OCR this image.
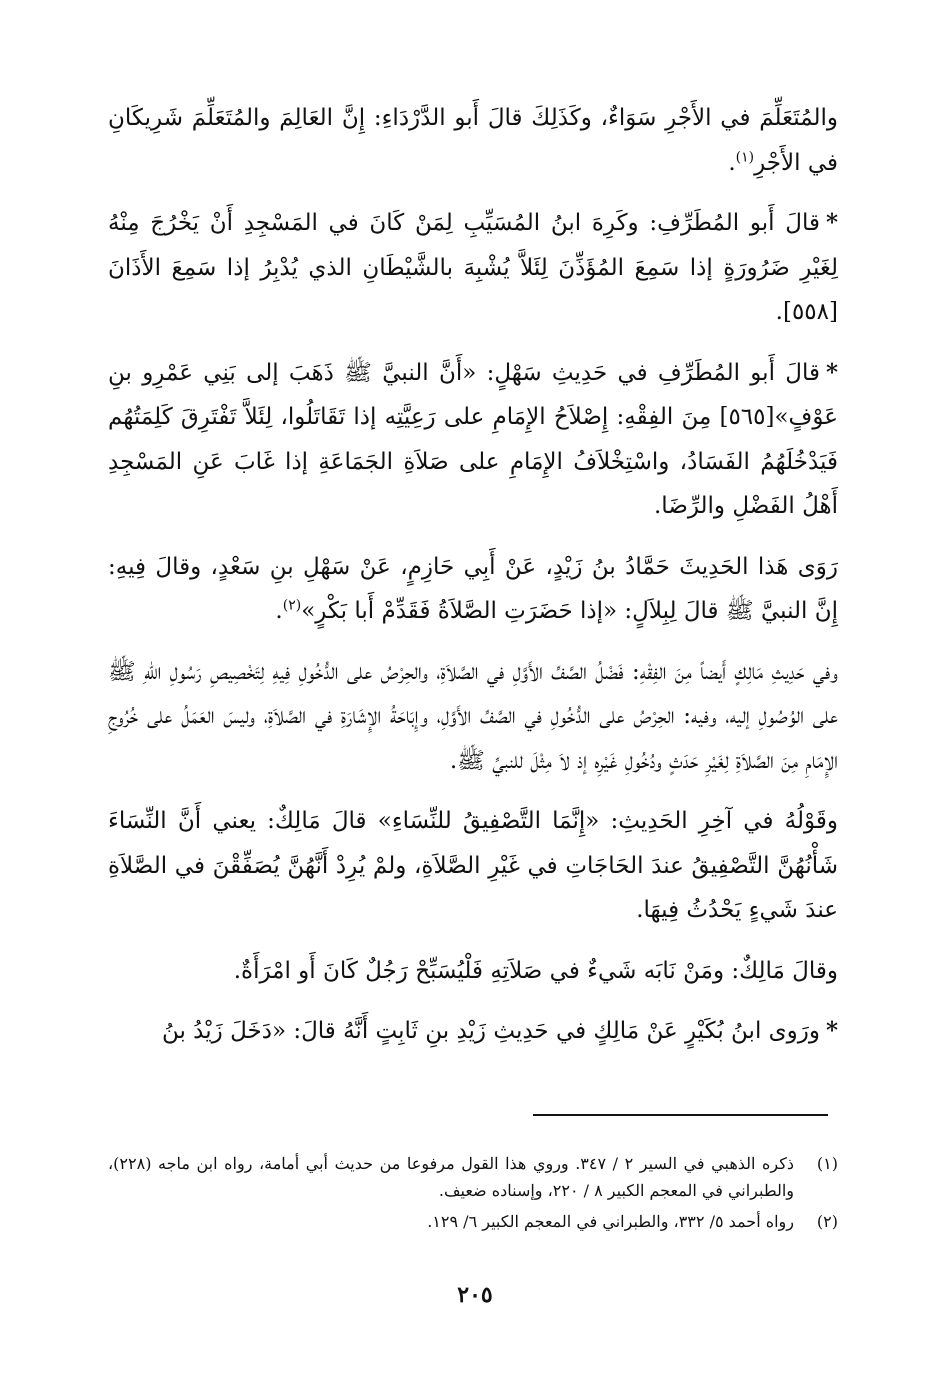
والمُتَعَلِّمَ في الأَجْرِ سَوَاءٌ، وكَذَلِكَ قالَ أَبو الدَّرْدَاءِ: إِنَّ العَالِمَ والمُتَعَلِّمَ شَرِيكَانِ في الأَجْرِ$^{(١)}$.

*قالَ أَبو المُطَرِّفِ: وكَرِهَ ابنُ المُسَيِّبِ لِمَنْ كَانَ في المَسْجِدِ أَنْ يَخْرُجَ مِنْهُ لِغَيْرِ ضَرُورَةٍ إذا سَمِعَ المُؤَذِّنَ لِئَلاَّ يُشْبِهَ بالشَّيْطَانِ الذي يُدْبِرُ إذا سَمِعَ الأَذَانَ [٥٥٨].

*قالَ أَبو المُطَرِّفِ في حَدِيثِ سَهْلٍ: «أَنَّ النبيَّ ﷺ ذَهَبَ إلى بَنِي عَمْرِو بنِ عَوْفٍ»[٥٦٥] مِنَ الفِقْهِ: إِصْلاَحُ الإِمَامِ على رَعِيَّتِه إذا تَقَاتَلُوا، لِئَلاَّ تَفْتَرِقَ كَلِمَتُهُم فَيَدْخُلَهُمُ الفَسَادُ، واسْتِخْلاَفُ الإِمَامِ على صَلاَةِ الجَمَاعَةِ إذا غَابَ عَنِ المَسْجِدِ أَهْلُ الفَضْلِ والرِّضَا.

رَوَى هَذا الحَدِيثَ حَمَّادُ بنُ زَيْدٍ، عَنْ أَبِي حَازِمٍ، عَنْ سَهْلِ بنِ سَعْدٍ، وقالَ فِيهِ: إِنَّ النبيَّ ﷺ قالَ لِبِلاَلٍ: «إذا حَضَرَتِ الصَّلاَةُ فَقَدِّمْ أَبا بَكْرٍ»$^{(٢)}$.

وفي حَدِيثِ مَالِكٍ أَيضاً مِنَ الفِقْهِ: فَضْلُ الصَّفِّ الأَوَّلِ في الصَّلاَةِ، والحِرْصُ على الدُّخُولِ فِيهِ لِتَخْصِيصِ رَسُولِ اللهِ ﷺ على الوُصُولِ إليه، وفيه: الحِرْصُ على الدُّخُولِ في الصَّفِّ الأَوَّلِ، وإِبَاحَةُ الإِشَارَةِ في الصَّلاَةِ، وليسَ العَمَلُ على خُرُوجِ الإِمَامِ مِنَ الصَّلاَةِ لِغَيْرِ حَدَثٍ ودُخُولِ غَيْرِه إذ لاَ مِثْلَ للنبيِّ ﷺ.

وقَوْلُهُ في آخِرِ الحَدِيثِ: «إِنَّمَا التَّصْفِيقُ للنِّسَاءِ» قالَ مَالِكٌ: يعني أَنَّ النِّسَاءَ شَأْنُهُنَّ التَّصْفِيقُ عندَ الحَاجَاتِ في غَيْرِ الصَّلاَةِ، ولمْ يُرِدْ أَنَّهُنَّ يُصَفِّقْنَ في الصَّلاَةِ عندَ شَيءٍ يَحْدُثُ فِيهَا.

وقالَ مَالِكٌ: ومَنْ نَابَه شَيءٌ في صَلاَتِهِ فَلْيُسَبِّحْ رَجُلٌ كَانَ أَو امْرَأَةٌ.

*ورَوى ابنُ بُكَيْرٍ عَنْ مَالِكٍ في حَدِيثِ زَيْدِ بنِ ثَابِتٍ أَنَّهُ قالَ: «دَخَلَ زَيْدُ بنُ

(١)
ذكره الذهبي في السير ٢ / ٣٤٧. وروي هذا القول مرفوعا من حديث أبي أمامة، رواه ابن ماجه (٢٢٨)، والطبراني في المعجم الكبير ٨ / ٢٢٠، وإسناده ضعيف.
(٢)
رواه أحمد ٥/ ٣٣٢، والطبراني في المعجم الكبير ٦/ ١٢٩.
٢٠٥
